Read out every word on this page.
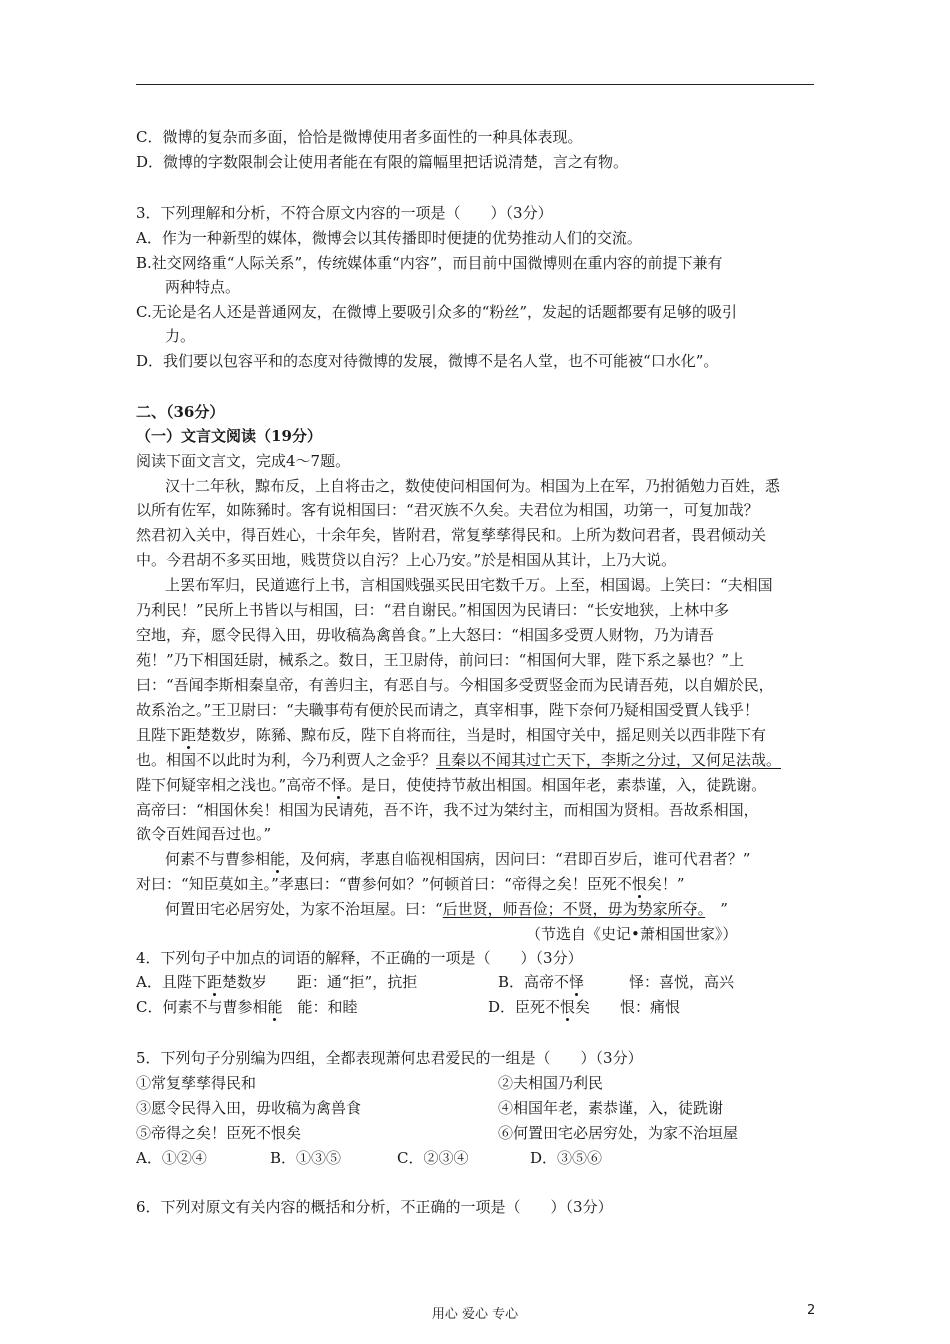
C．微博的复杂而多面，恰恰是微博使用者多面性的一种具体表现。
D．微博的字数限制会让使用者能在有限的篇幅里把话说清楚，言之有物。
3．下列理解和分析，不符合原文内容的一项是（　　）（3分）
A．作为一种新型的媒体，微博会以其传播即时便捷的优势推动人们的交流。
B.社交网络重“人际关系”，传统媒体重“内容”，而目前中国微博则在重内容的前提下兼有
两种特点。
C.无论是名人还是普通网友，在微博上要吸引众多的“粉丝”，发起的话题都要有足够的吸引
力。
D．我们要以包容平和的态度对待微博的发展，微博不是名人堂，也不可能被“口水化”。
二、（36分）
（一）文言文阅读（19分）
阅读下面文言文，完成4～7题。
汉十二年秋，黥布反，上自将击之，数使使问相国何为。相国为上在军，乃拊循勉力百姓，悉
以所有佐军，如陈豨时。客有说相国曰：“君灭族不久矣。夫君位为相国，功第一，可复加哉？
然君初入关中，得百姓心，十余年矣，皆附君，常复孳孳得民和。上所为数问君者，畏君倾动关
中。今君胡不多买田地，贱贳贷以自污？上心乃安。”於是相国从其计，上乃大说。
上罢布军归，民道遮行上书，言相国贱强买民田宅数千万。上至，相国谒。上笑曰：“夫相国
乃利民！”民所上书皆以与相国，曰：“君自谢民。”相国因为民请曰：“长安地狭，上林中多
空地，弃，愿令民得入田，毋收稿為禽兽食。”上大怒曰：“相国多受贾人财物，乃为请吾
苑！”乃下相国廷尉，械系之。数日，王卫尉侍，前问曰：“相国何大罪，陛下系之暴也？”上
曰：“吾闻李斯相秦皇帝，有善归主，有恶自与。今相国多受贾竖金而为民请吾苑，以自媚於民，
故系治之。”王卫尉曰：“夫職事苟有便於民而请之，真宰相事，陛下奈何乃疑相国受賈人钱乎！
且陛下距楚数岁，陈豨、黥布反，陛下自将而往，当是时，相国守关中，摇足则关以西非陛下有
也。相国不以此时为利，今乃利贾人之金乎？且秦以不闻其过亡天下，李斯之分过，又何足法哉。
陛下何疑宰相之浅也。”高帝不怿。是日，使使持节赦出相国。相国年老，素恭谨，入，徒跣谢。
高帝曰：“相国休矣！相国为民请苑，吾不许，我不过为桀纣主，而相国为贤相。吾故系相国，
欲令百姓闻吾过也。”
何素不与曹参相能，及何病，孝惠自临视相国病，因问曰：“君即百岁后，谁可代君者？”
对曰：“知臣莫如主。”孝惠曰：“曹参何如？”何顿首曰：“帝得之矣！臣死不恨矣！”
何置田宅必居穷处，为家不治垣屋。曰：“后世贤，师吾俭；不贤，毋为势家所夺。　”
（节选自《史记•萧相国世家》）
4．下列句子中加点的词语的解释，不正确的一项是（　　）（3分）
A．且陛下距楚数岁　　距：通“拒”，抗拒	B．高帝不怿　　　怿：喜悦，高兴
C．何素不与曹参相能　能：和睦	D．臣死不恨矣　　恨：痛恨
5．下列句子分别编为四组，全都表现萧何忠君爱民的一组是（　　）（3分）
①常复孳孳得民和	②夫相国乃利民
③愿令民得入田，毋收稿为禽兽食	④相国年老，素恭谨，入，徒跣谢
⑤帝得之矣！臣死不恨矣	⑥何置田宅必居穷处，为家不治垣屋
A．①②④	B．①③⑤	C．②③④	D．③⑤⑥
6．下列对原文有关内容的概括和分析，不正确的一项是（　　）（3分）
用心 爱心 专心	2
